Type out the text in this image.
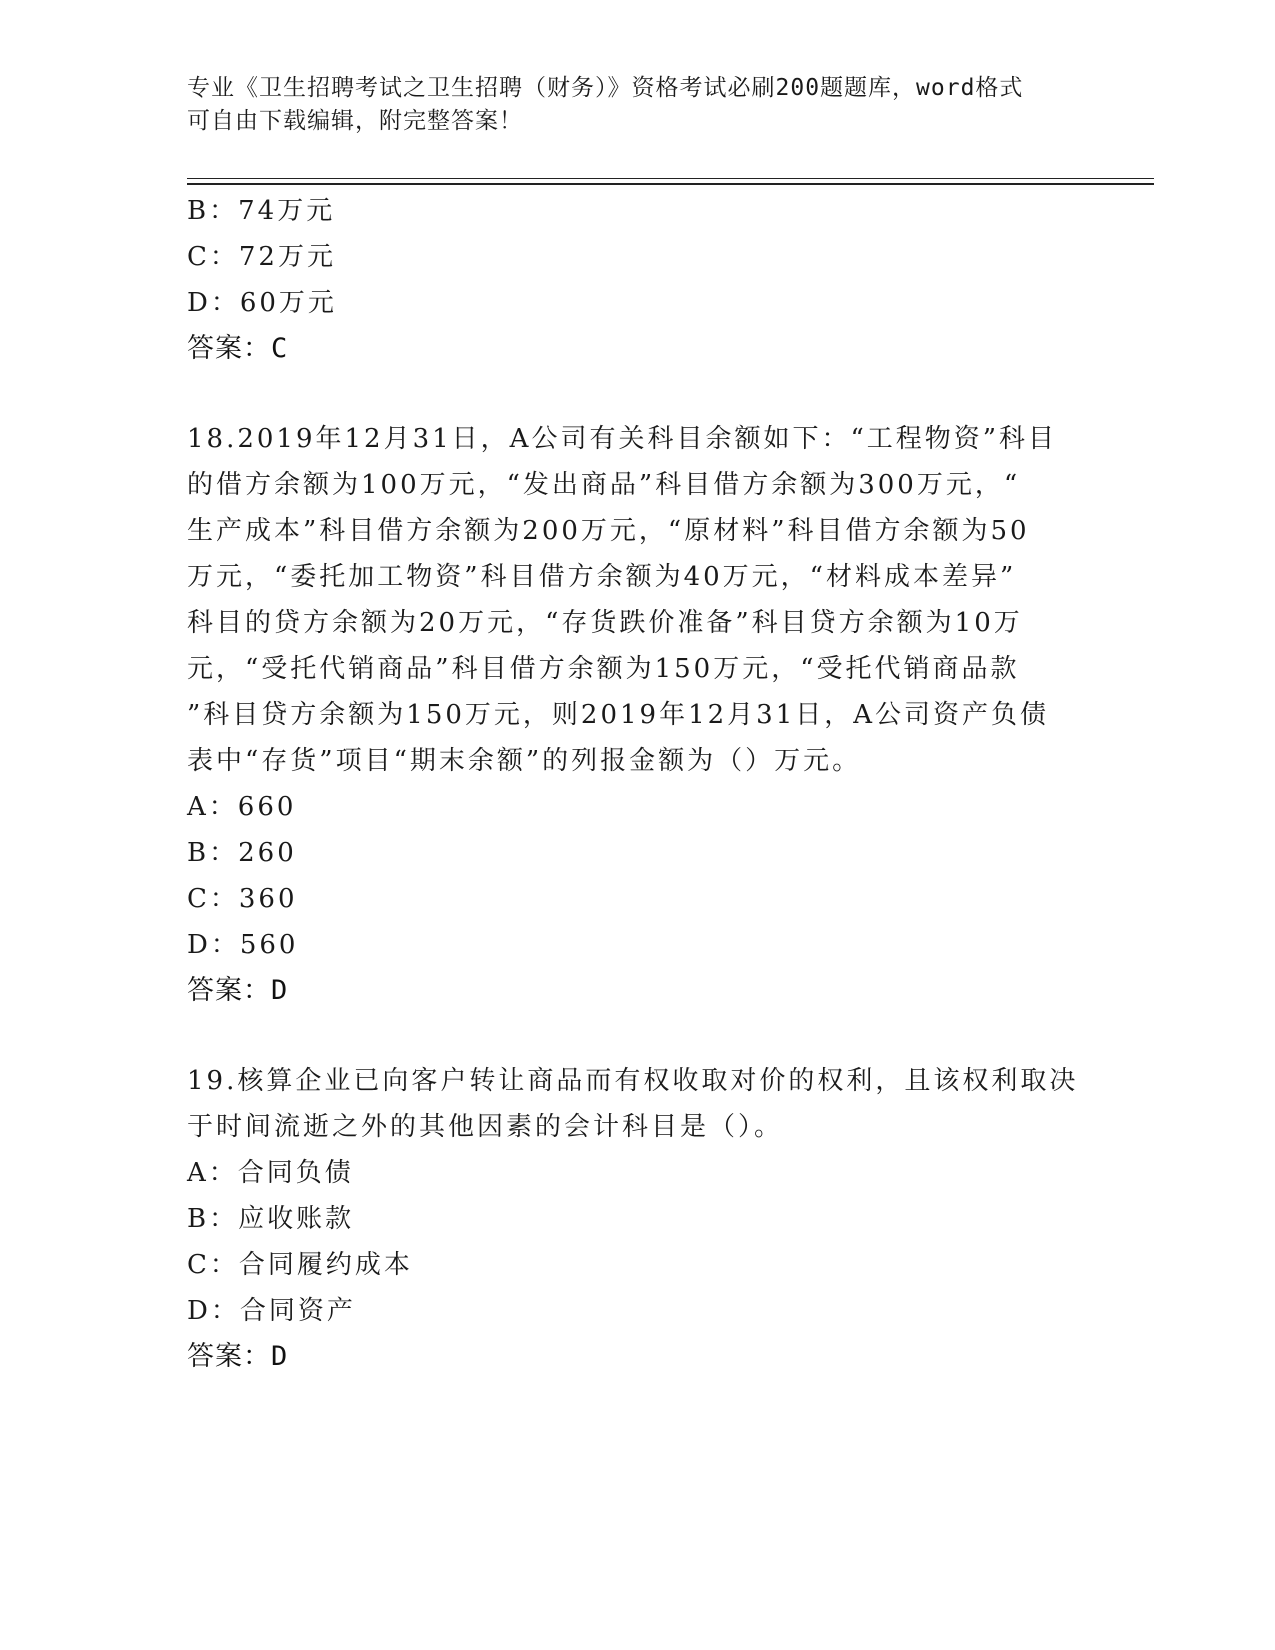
专业《卫生招聘考试之卫生招聘（财务）》资格考试必刷200题题库，word格式
可自由下载编辑，附完整答案！
B：74万元
C：72万元
D：60万元
答案：C
18.2019年12月31日，A公司有关科目余额如下：“工程物资”科目
的借方余额为100万元，“发出商品”科目借方余额为300万元，“
生产成本”科目借方余额为200万元，“原材料”科目借方余额为50
万元，“委托加工物资”科目借方余额为40万元，“材料成本差异”
科目的贷方余额为20万元，“存货跌价准备”科目贷方余额为10万
元，“受托代销商品”科目借方余额为150万元，“受托代销商品款
”科目贷方余额为150万元，则2019年12月31日，A公司资产负债
表中“存货”项目“期末余额”的列报金额为（）万元。
A：660
B：260
C：360
D：560
答案：D
19.核算企业已向客户转让商品而有权收取对价的权利，且该权利取决
于时间流逝之外的其他因素的会计科目是（）。
A：合同负债
B：应收账款
C：合同履约成本
D：合同资产
答案：D
